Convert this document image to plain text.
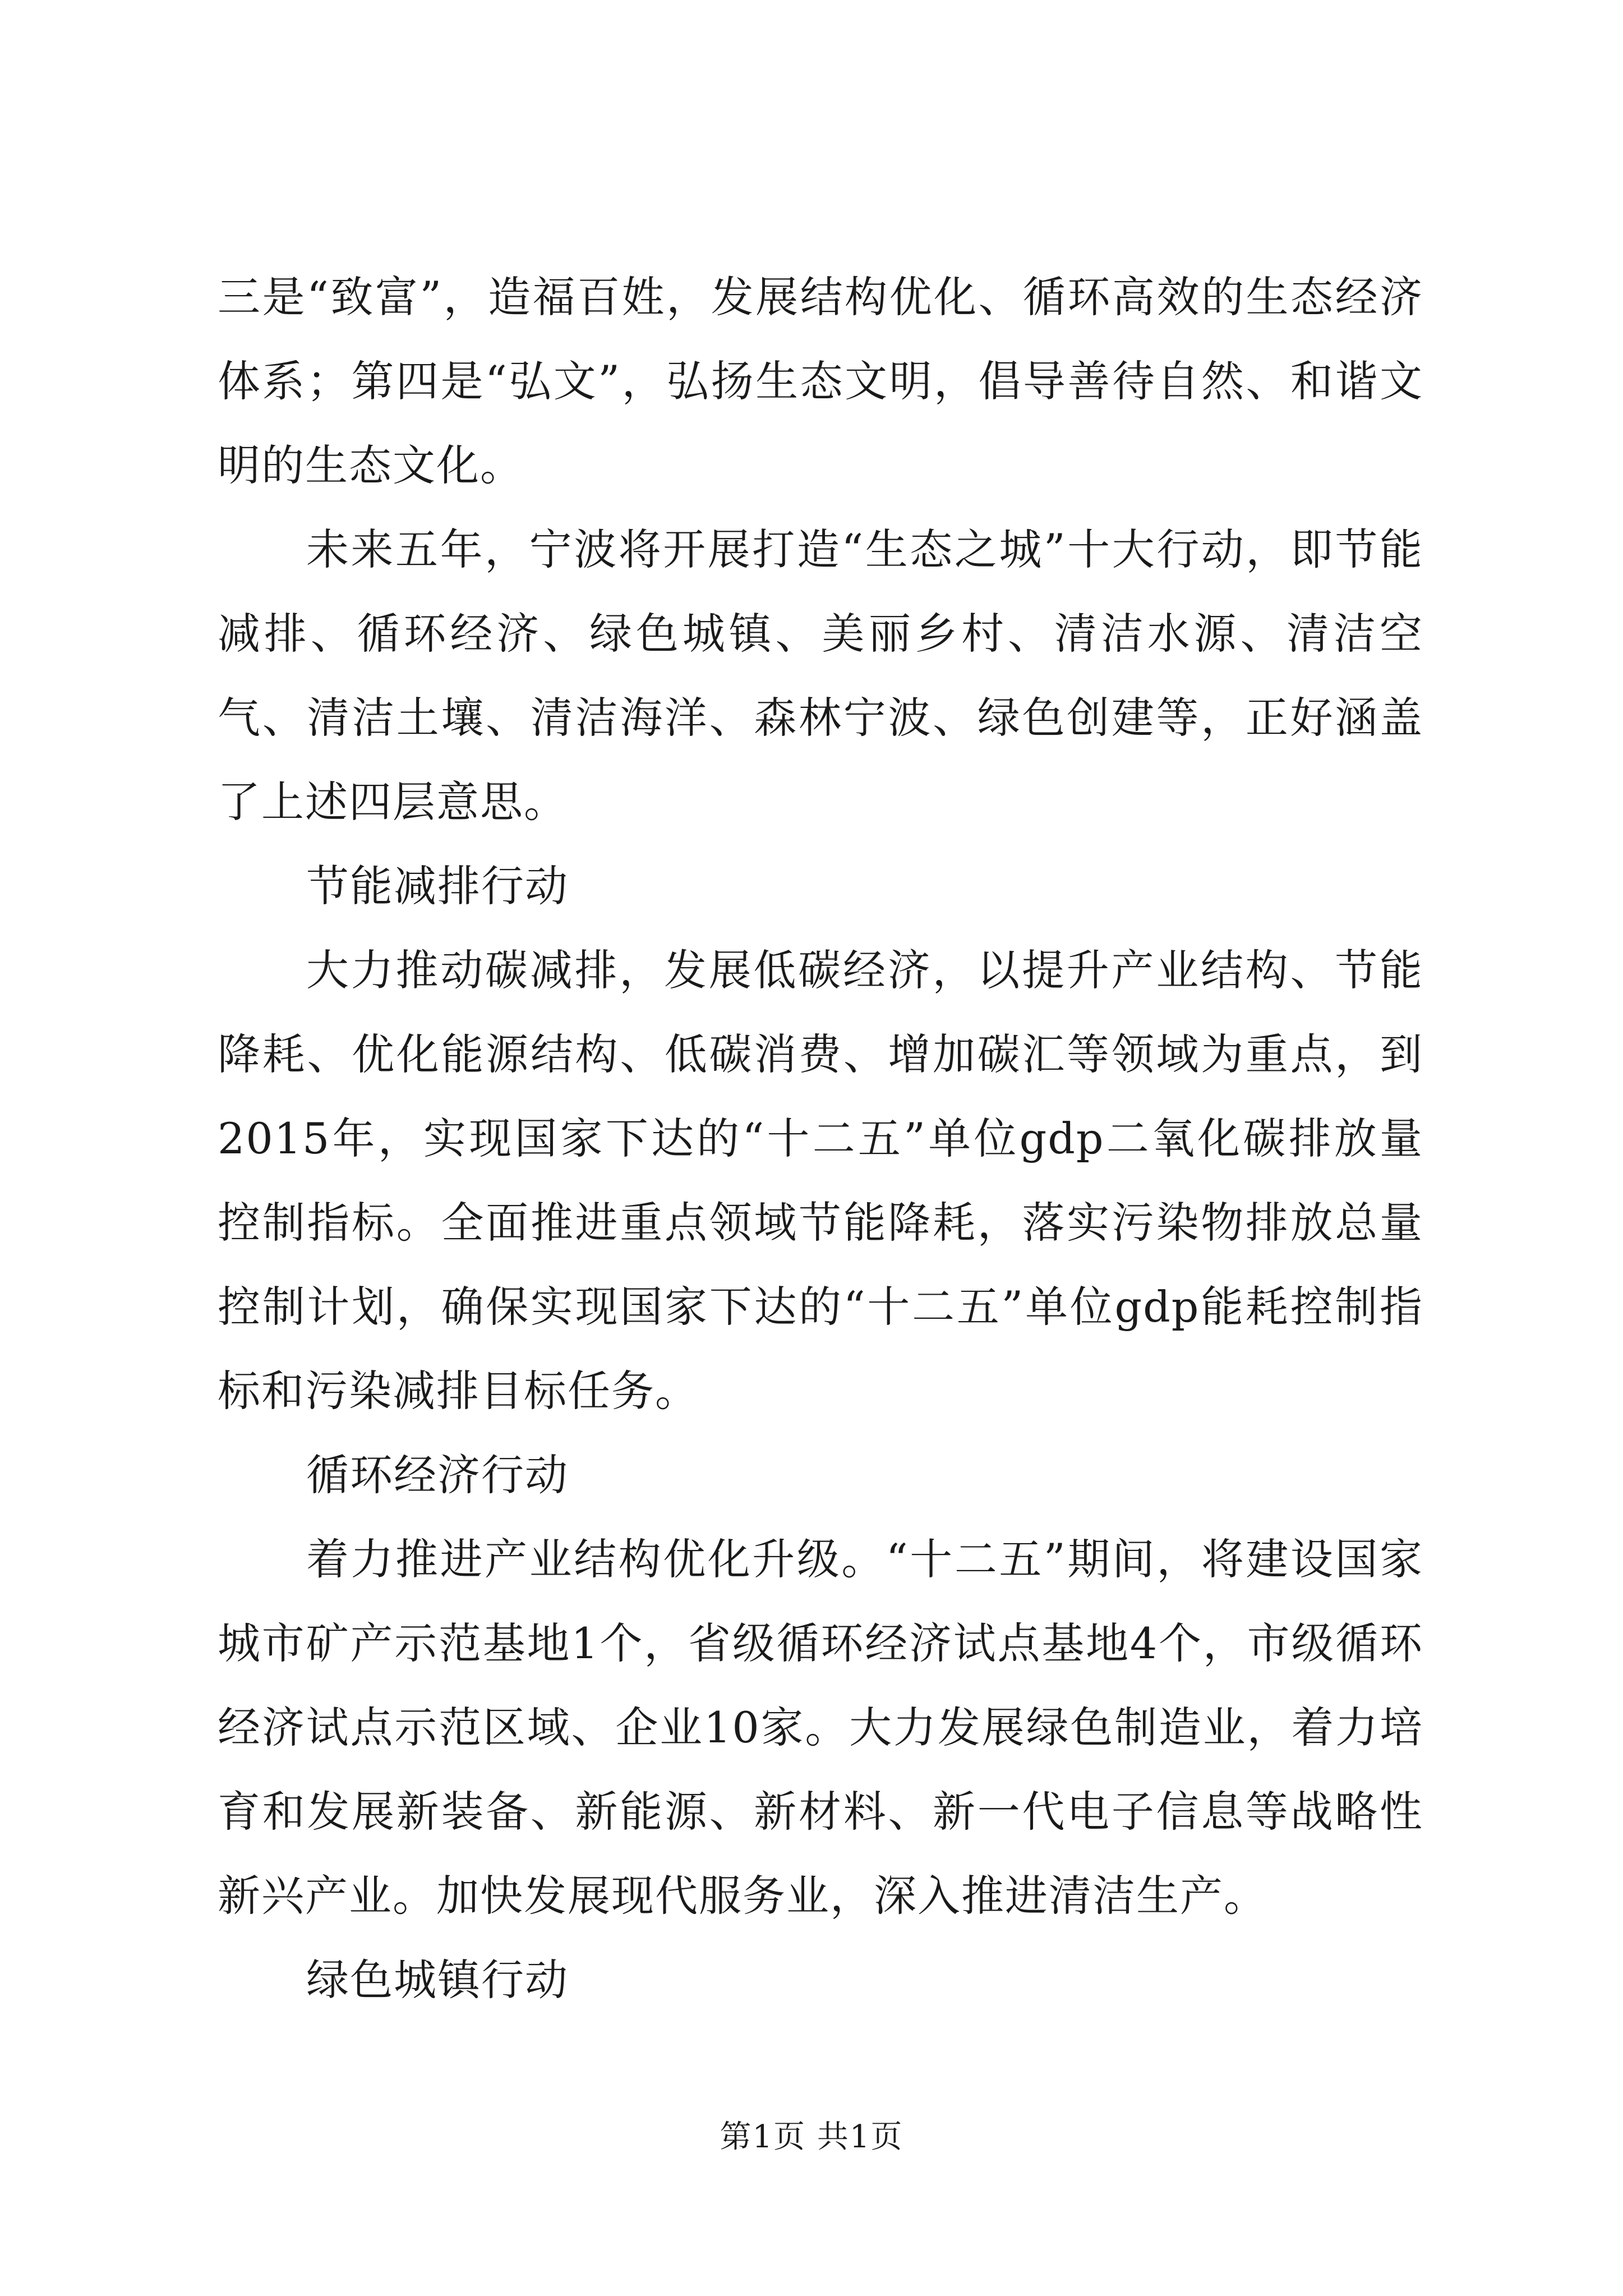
三是“致富”，造福百姓，发展结构优化、循环高效的生态经济体系；第四是“弘文”，弘扬生态文明，倡导善待自然、和谐文明的生态文化。

未来五年，宁波将开展打造“生态之城”十大行动，即节能减排、循环经济、绿色城镇、美丽乡村、清洁水源、清洁空气、清洁土壤、清洁海洋、森林宁波、绿色创建等，正好涵盖了上述四层意思。

节能减排行动

大力推动碳减排，发展低碳经济，以提升产业结构、节能降耗、优化能源结构、低碳消费、增加碳汇等领域为重点，到2015年，实现国家下达的“十二五”单位gdp二氧化碳排放量控制指标。全面推进重点领域节能降耗，落实污染物排放总量控制计划，确保实现国家下达的“十二五”单位gdp能耗控制指标和污染减排目标任务。

循环经济行动

着力推进产业结构优化升级。“十二五”期间，将建设国家城市矿产示范基地1个，省级循环经济试点基地4个，市级循环经济试点示范区域、企业10家。大力发展绿色制造业，着力培育和发展新装备、新能源、新材料、新一代电子信息等战略性新兴产业。加快发展现代服务业，深入推进清洁生产。

绿色城镇行动

第1页 共1页
